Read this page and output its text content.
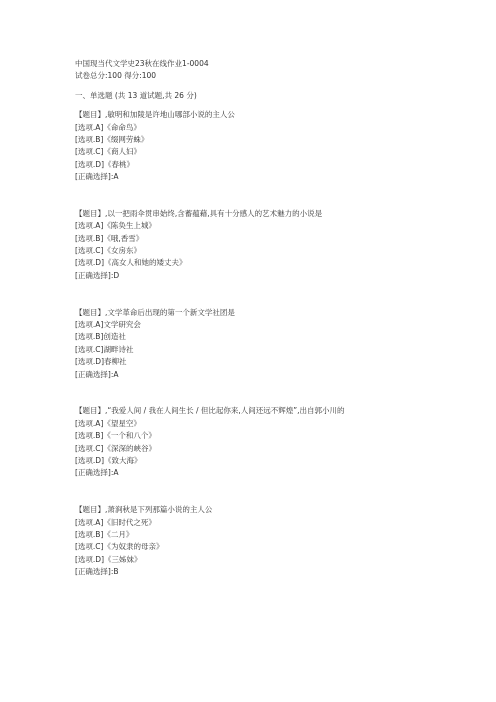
中国现当代文学史23秋在线作业1-0004
试卷总分:100 得分:100
一、单选题 (共 13 道试题,共 26 分)
【题目】,敏明和加陵是许地山哪部小说的主人公
[选项.A]《命命鸟》
[选项.B]《缀网劳蛛》
[选项.C]《商人妇》
[选项.D]《春桃》
[正确选择]:A
【题目】,以一把雨伞贯串始终,含蓄蕴藉,具有十分感人的艺术魅力的小说是
[选项.A]《陈奂生上城》
[选项.B]《哦,香雪》
[选项.C]《女房东》
[选项.D]《高女人和她的矮丈夫》
[正确选择]:D
【题目】,文学革命后出现的第一个新文学社团是
[选项.A]文学研究会
[选项.B]创造社
[选项.C]湖畔诗社
[选项.D]春柳社
[正确选择]:A
【题目】,“我爱人间 / 我在人间生长 / 但比起你来,人间还远不辉煌”,出自郭小川的
[选项.A]《望星空》
[选项.B]《一个和八个》
[选项.C]《深深的峡谷》
[选项.D]《致大海》
[正确选择]:A
【题目】,萧涧秋是下列那篇小说的主人公
[选项.A]《旧时代之死》
[选项.B]《二月》
[选项.C]《为奴隶的母亲》
[选项.D]《三姊妹》
[正确选择]:B
